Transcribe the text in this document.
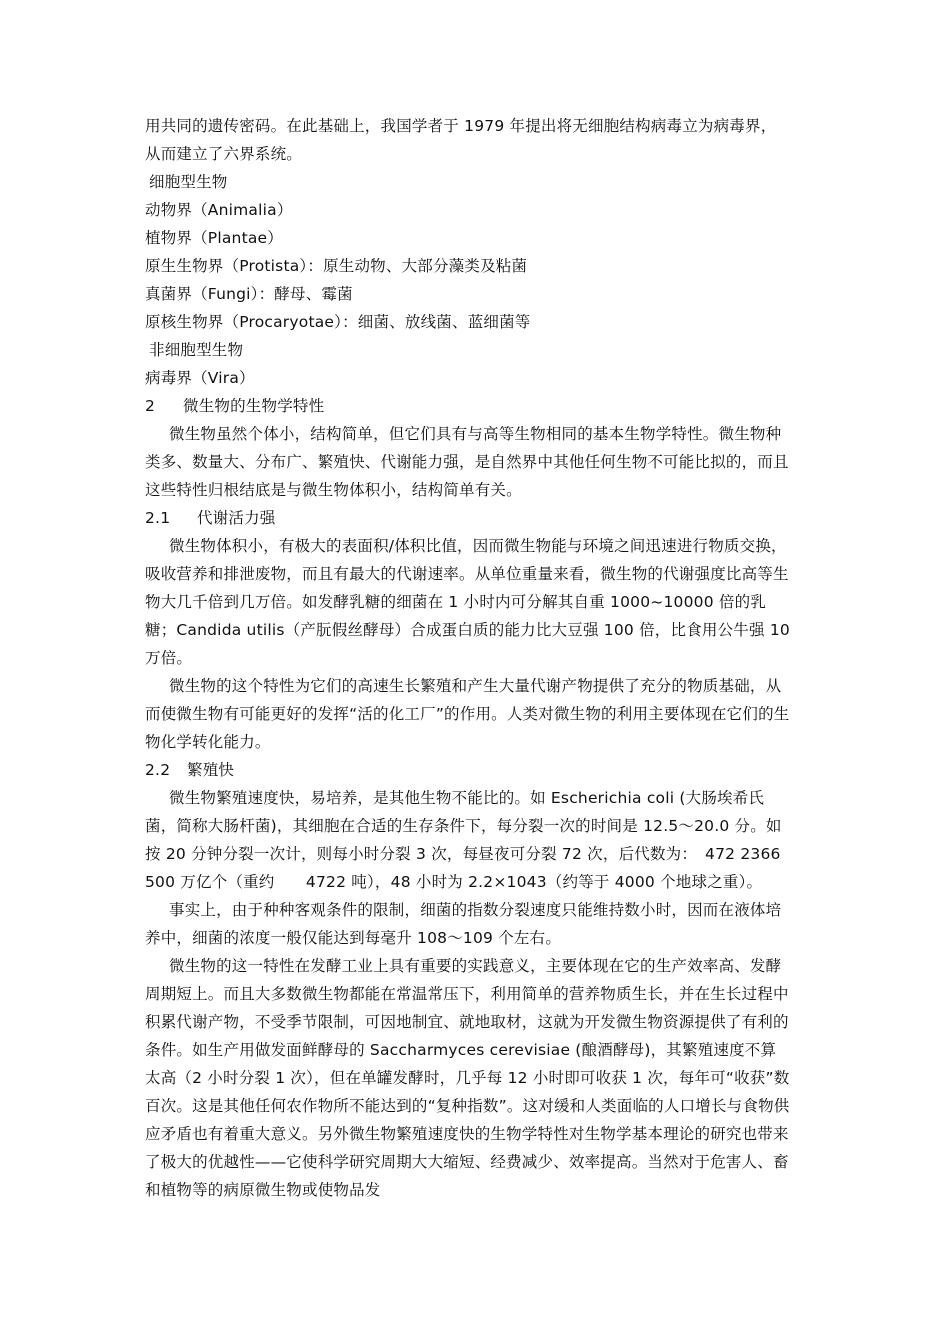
用共同的遗传密码。在此基础上，我国学者于 1979 年提出将无细胞结构病毒立为病毒界，从而建立了六界系统。

细胞型生物

动物界（Animalia）

植物界（Plantae）

原生生物界（Protista）：原生动物、大部分藻类及粘菌

真菌界（Fungi）：酵母、霉菌

原核生物界（Procaryotae）：细菌、放线菌、蓝细菌等

非细胞型生物

病毒界（Vira）

2 微生物的生物学特性

微生物虽然个体小，结构简单，但它们具有与高等生物相同的基本生物学特性。微生物种类多、数量大、分布广、繁殖快、代谢能力强，是自然界中其他任何生物不可能比拟的，而且这些特性归根结底是与微生物体积小，结构简单有关。

2.1 代谢活力强

微生物体积小，有极大的表面积/体积比值，因而微生物能与环境之间迅速进行物质交换，吸收营养和排泄废物，而且有最大的代谢速率。从单位重量来看，微生物的代谢强度比高等生物大几千倍到几万倍。如发酵乳糖的细菌在 1 小时内可分解其自重 1000~10000 倍的乳糖；Candida utilis（产朊假丝酵母）合成蛋白质的能力比大豆强 100 倍，比食用公牛强 10 万倍。

微生物的这个特性为它们的高速生长繁殖和产生大量代谢产物提供了充分的物质基础，从而使微生物有可能更好的发挥“活的化工厂”的作用。人类对微生物的利用主要体现在它们的生物化学转化能力。

2.2 繁殖快

微生物繁殖速度快，易培养，是其他生物不能比的。如 Escherichia coli (大肠埃希氏菌，简称大肠杆菌)，其细胞在合适的生存条件下，每分裂一次的时间是 12.5～20.0 分。如按 20 分钟分裂一次计，则每小时分裂 3 次，每昼夜可分裂 72 次，后代数为：　472 2366500 万亿个（重约　　4722 吨），48 小时为 2.2×1043（约等于 4000 个地球之重）。

事实上，由于种种客观条件的限制，细菌的指数分裂速度只能维持数小时，因而在液体培养中，细菌的浓度一般仅能达到每毫升 108～109 个左右。

微生物的这一特性在发酵工业上具有重要的实践意义，主要体现在它的生产效率高、发酵周期短上。而且大多数微生物都能在常温常压下，利用简单的营养物质生长，并在生长过程中积累代谢产物，不受季节限制，可因地制宜、就地取材，这就为开发微生物资源提供了有利的条件。如生产用做发面鲜酵母的 Saccharmyces cerevisiae (酿酒酵母)，其繁殖速度不算太高（2 小时分裂 1 次），但在单罐发酵时，几乎每 12 小时即可收获 1 次，每年可“收获”数百次。这是其他任何农作物所不能达到的“复种指数”。这对缓和人类面临的人口增长与食物供应矛盾也有着重大意义。另外微生物繁殖速度快的生物学特性对生物学基本理论的研究也带来了极大的优越性——它使科学研究周期大大缩短、经费减少、效率提高。当然对于危害人、畜和植物等的病原微生物或使物品发
